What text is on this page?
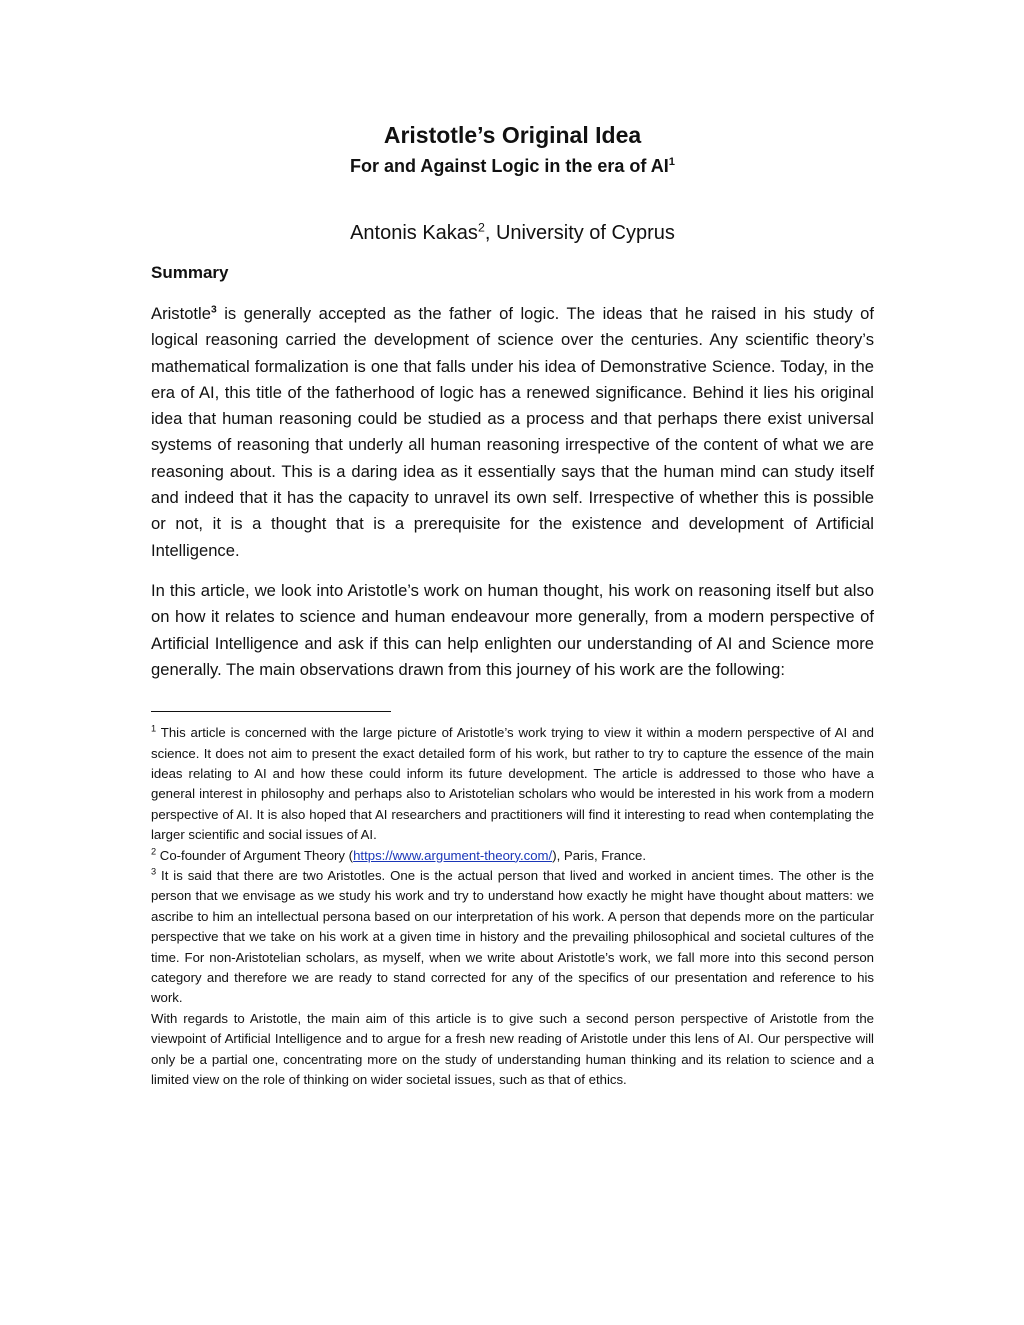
Aristotle’s Original Idea
For and Against Logic in the era of $AI^1$
Antonis Kakas$^2$, University of Cyprus
Summary

Aristotle$^3$ is generally accepted as the father of logic. The ideas that he raised in his study of logical reasoning carried the development of science over the centuries. Any scientific theory’s mathematical formalization is one that falls under his idea of Demonstrative Science. Today, in the era of AI, this title of the fatherhood of logic has a renewed significance. Behind it lies his original idea that human reasoning could be studied as a process and that perhaps there exist universal systems of reasoning that underly all human reasoning irrespective of the content of what we are reasoning about. This is a daring idea as it essentially says that the human mind can study itself and indeed that it has the capacity to unravel its own self. Irrespective of whether this is possible or not, it is a thought that is a prerequisite for the existence and development of Artificial Intelligence.

In this article, we look into Aristotle’s work on human thought, his work on reasoning itself but also on how it relates to science and human endeavour more generally, from a modern perspective of Artificial Intelligence and ask if this can help enlighten our understanding of AI and Science more generally. The main observations drawn from this journey of his work are the following:

$^1$ This article is concerned with the large picture of Aristotle’s work trying to view it within a modern perspective of AI and science. It does not aim to present the exact detailed form of his work, but rather to try to capture the essence of the main ideas relating to AI and how these could inform its future development. The article is addressed to those who have a general interest in philosophy and perhaps also to Aristotelian scholars who would be interested in his work from a modern perspective of AI. It is also hoped that AI researchers and practitioners will find it interesting to read when contemplating the larger scientific and social issues of AI.

$^2$ Co-founder of Argument Theory (https://www.argument-theory.com/), Paris, France.

$^3$ It is said that there are two Aristotles. One is the actual person that lived and worked in ancient times. The other is the person that we envisage as we study his work and try to understand how exactly he might have thought about matters: we ascribe to him an intellectual persona based on our interpretation of his work. A person that depends more on the particular perspective that we take on his work at a given time in history and the prevailing philosophical and societal cultures of the time. For non-Aristotelian scholars, as myself, when we write about Aristotle’s work, we fall more into this second person category and therefore we are ready to stand corrected for any of the specifics of our presentation and reference to his work.

With regards to Aristotle, the main aim of this article is to give such a second person perspective of Aristotle from the viewpoint of Artificial Intelligence and to argue for a fresh new reading of Aristotle under this lens of AI. Our perspective will only be a partial one, concentrating more on the study of understanding human thinking and its relation to science and a limited view on the role of thinking on wider societal issues, such as that of ethics.
